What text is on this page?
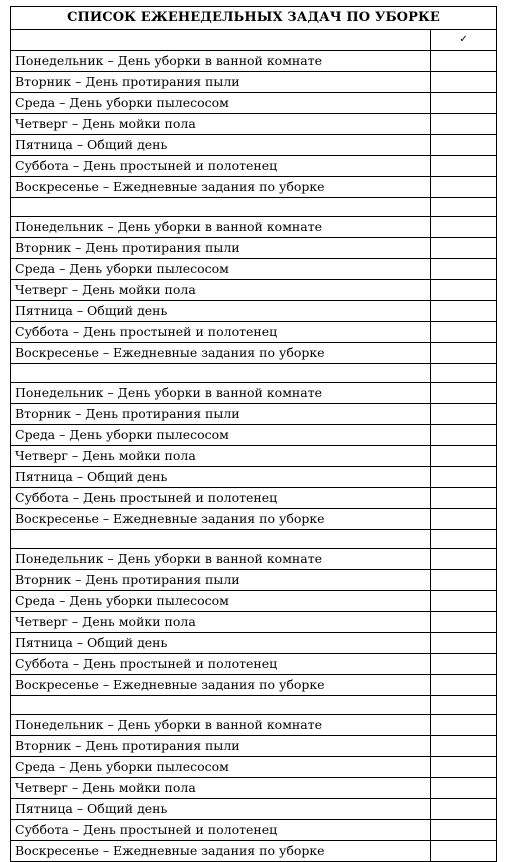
СПИСОК ЕЖЕНЕДЕЛЬНЫХ ЗАДАЧ ПО УБОРКЕ	
	✓
Понедельник – День уборки в ванной комнате	
Вторник – День протирания пыли	
Среда – День уборки пылесосом	
Четверг – День мойки пола	
Пятница – Общий день	
Суббота – День простыней и полотенец	
Воскресенье – Ежедневные задания по уборке	

Понедельник – День уборки в ванной комнате	
Вторник – День протирания пыли	
Среда – День уборки пылесосом	
Четверг – День мойки пола	
Пятница – Общий день	
Суббота – День простыней и полотенец	
Воскресенье – Ежедневные задания по уборке	

Понедельник – День уборки в ванной комнате	
Вторник – День протирания пыли	
Среда – День уборки пылесосом	
Четверг – День мойки пола	
Пятница – Общий день	
Суббота – День простыней и полотенец	
Воскресенье – Ежедневные задания по уборке	

Понедельник – День уборки в ванной комнате	
Вторник – День протирания пыли	
Среда – День уборки пылесосом	
Четверг – День мойки пола	
Пятница – Общий день	
Суббота – День простыней и полотенец	
Воскресенье – Ежедневные задания по уборке	

Понедельник – День уборки в ванной комнате	
Вторник – День протирания пыли	
Среда – День уборки пылесосом	
Четверг – День мойки пола	
Пятница – Общий день	
Суббота – День простыней и полотенец	
Воскресенье – Ежедневные задания по уборке	
